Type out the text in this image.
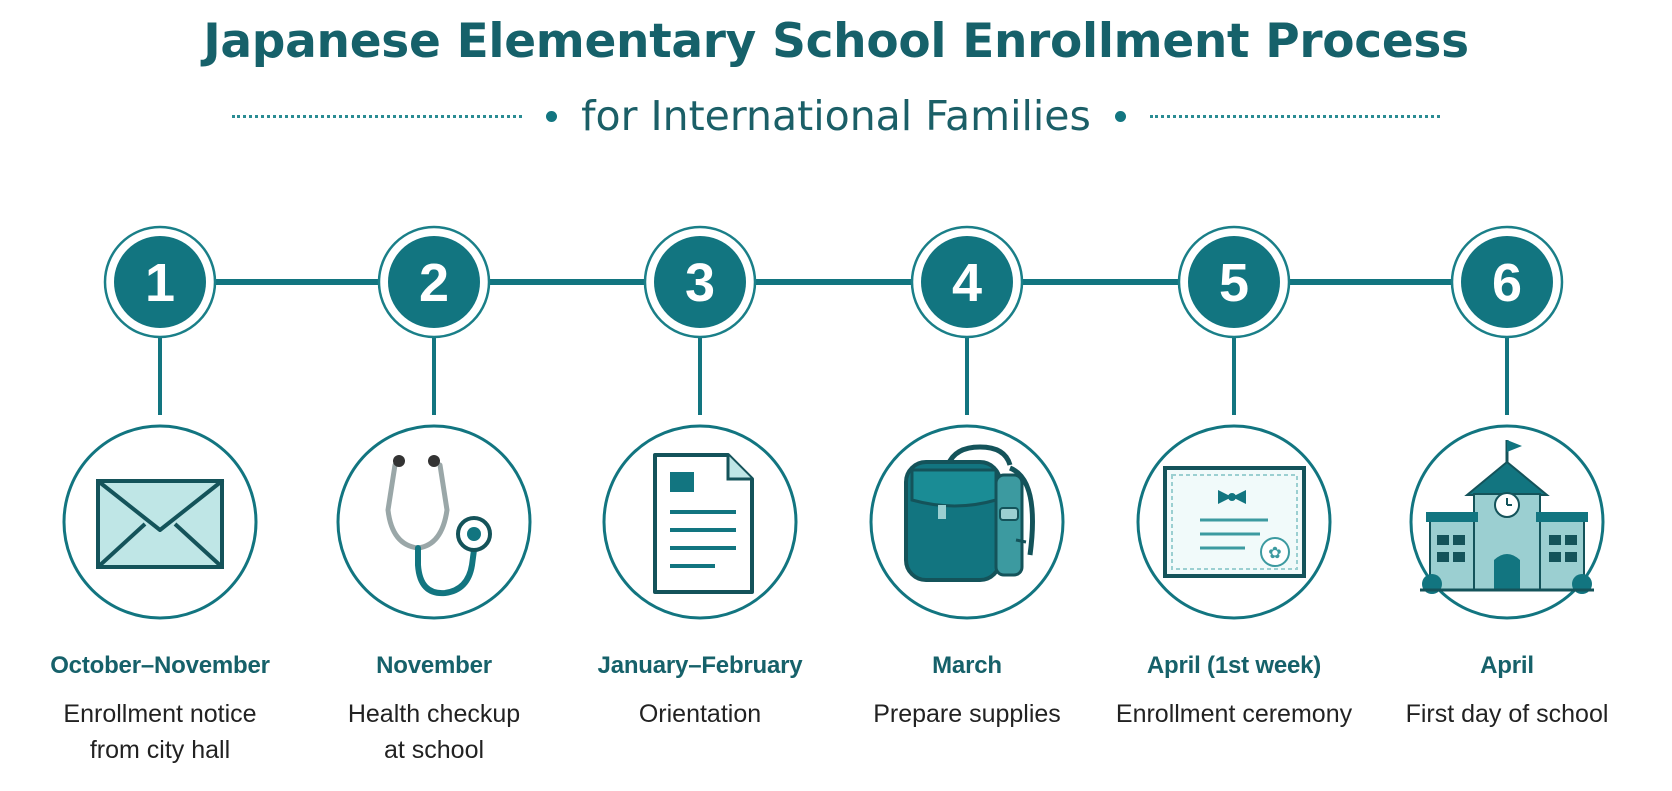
Japanese Elementary School Enrollment Process
for International Families
1	2	3	4	5
✿
6
October–November
Enrollment notice
from city hall
November
Health checkup
at school
January–February
Orientation
March
Prepare supplies
April (1st week)
Enrollment ceremony
April
First day of school
